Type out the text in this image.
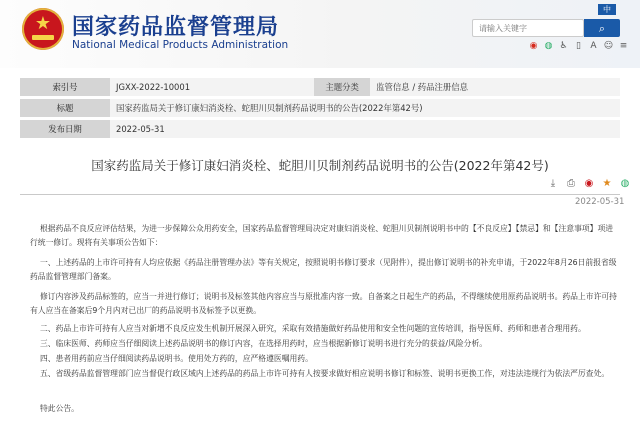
★ 国家药品监督管理局
National Medical Products Administration
中
请输入关键字
⌕
◉ ◍ ♿ ▯	A ☺ ≡
索引号	JGXX-2022-10001	主题分类	监管信息 / 药品注册信息
标题	国家药监局关于修订康妇消炎栓、蛇胆川贝制剂药品说明书的公告(2022年第42号)		
发布日期	2022-05-31		
国家药监局关于修订康妇消炎栓、蛇胆川贝制剂药品说明书的公告(2022年第42号)
⤓	⎙ ◉ ★ ◍
2022-05-31

根据药品不良反应评估结果，为进一步保障公众用药安全，国家药品监督管理局决定对康妇消炎栓、蛇胆川贝制剂说明书中的【不良反应】【禁忌】和【注意事项】项进行统一修订。现将有关事项公告如下：

一、上述药品的上市许可持有人均应依据《药品注册管理办法》等有关规定，按照说明书修订要求（见附件），提出修订说明书的补充申请，于2022年8月26日前报省级药品监督管理部门备案。

修订内容涉及药品标签的，应当一并进行修订；说明书及标签其他内容应当与原批准内容一致。自备案之日起生产的药品，不得继续使用原药品说明书。药品上市许可持有人应当在备案后9个月内对已出厂的药品说明书及标签予以更换。

二、药品上市许可持有人应当对新增不良反应发生机制开展深入研究，采取有效措施做好药品使用和安全性问题的宣传培训，指导医师、药师和患者合理用药。

三、临床医师、药师应当仔细阅读上述药品说明书的修订内容，在选择用药时，应当根据新修订说明书进行充分的获益/风险分析。

四、患者用药前应当仔细阅读药品说明书。使用处方药的，应严格遵医嘱用药。

五、省级药品监督管理部门应当督促行政区域内上述药品的药品上市许可持有人按要求做好相应说明书修订和标签、说明书更换工作，对违法违规行为依法严厉查处。

特此公告。
